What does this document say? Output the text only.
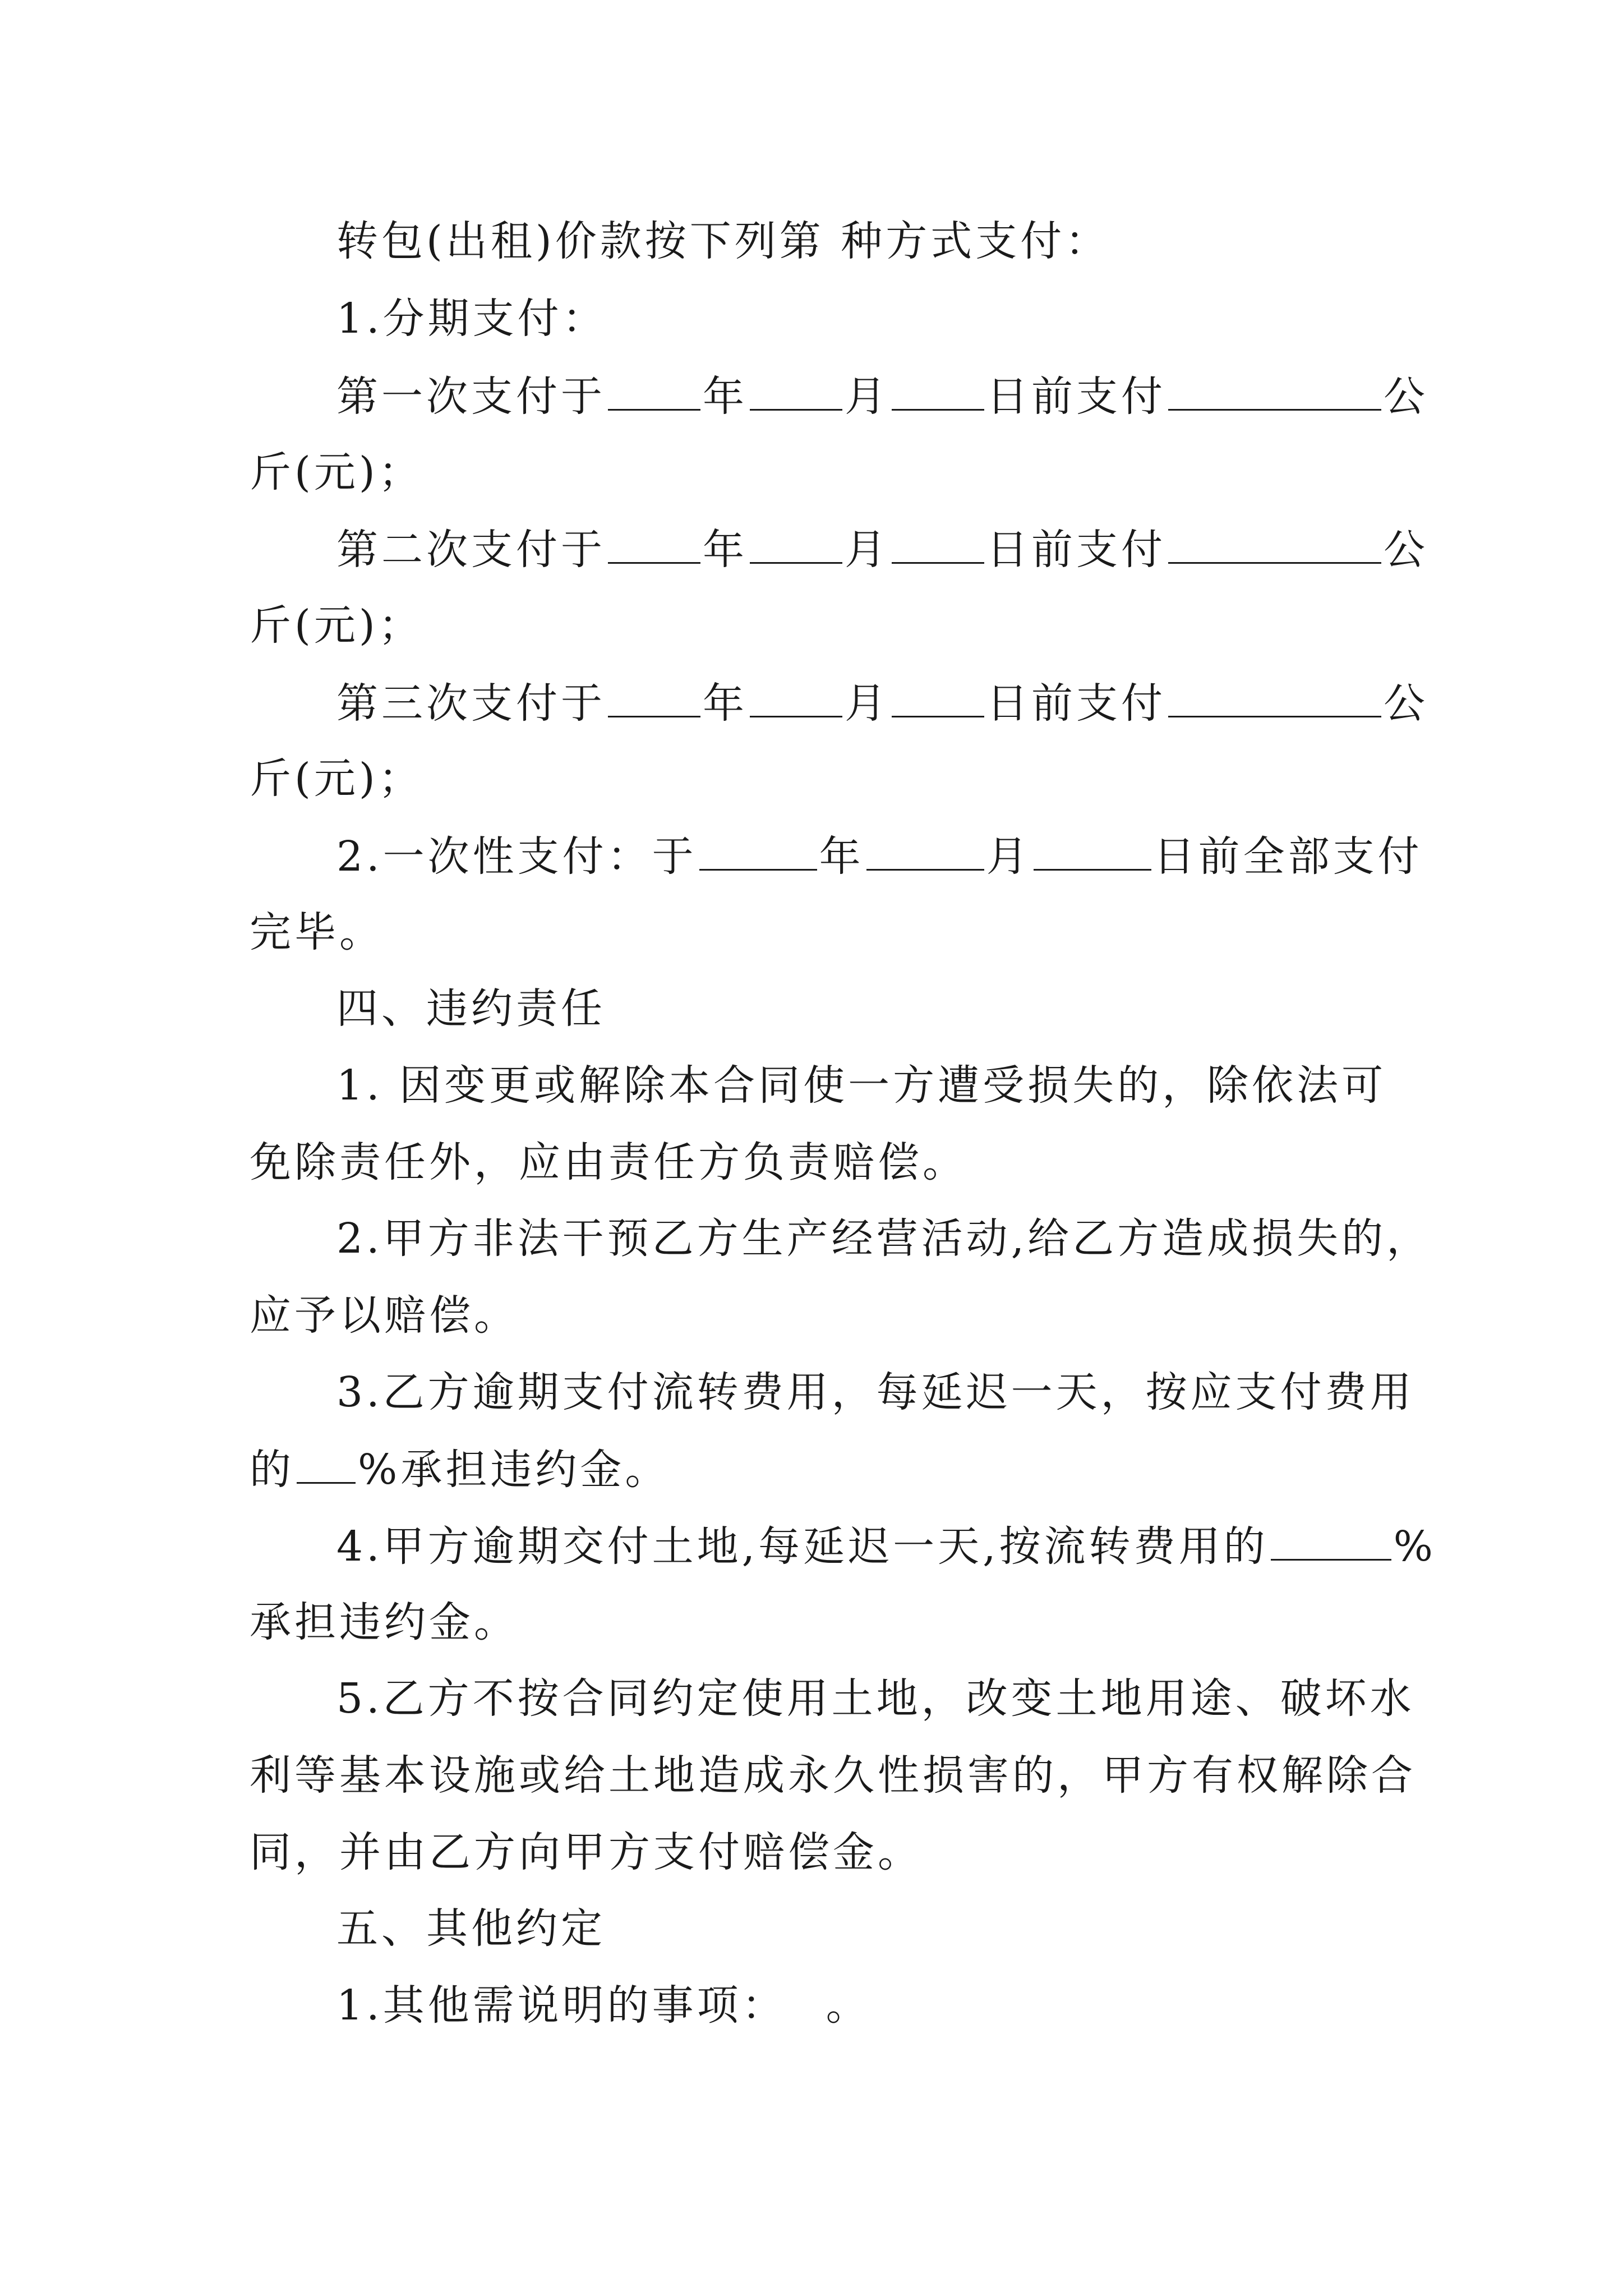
转包(出租)价款按下列第 种方式支付：
1.分期支付：
第一次支付于 年 月 日前支付	公
斤(元)；
第二次支付于 年 月 日前支付	公
斤(元)；
第三次支付于 年 月 日前支付	公
斤(元)；
2.一次性支付：于	年	月	日前全部支付
完毕。
四、违约责任
1. 因变更或解除本合同使一方遭受损失的，除依法可
免除责任外，应由责任方负责赔偿。
2.甲方非法干预乙方生产经营活动,给乙方造成损失的，
应予以赔偿。
3.乙方逾期支付流转费用，每延迟一天，按应支付费用
的 %承担违约金。
4.甲方逾期交付土地,每延迟一天,按流转费用的	%
承担违约金。
5.乙方不按合同约定使用土地，改变土地用途、破坏水
利等基本设施或给土地造成永久性损害的，甲方有权解除合
同，并由乙方向甲方支付赔偿金。
五、其他约定
1.其他需说明的事项： 。
